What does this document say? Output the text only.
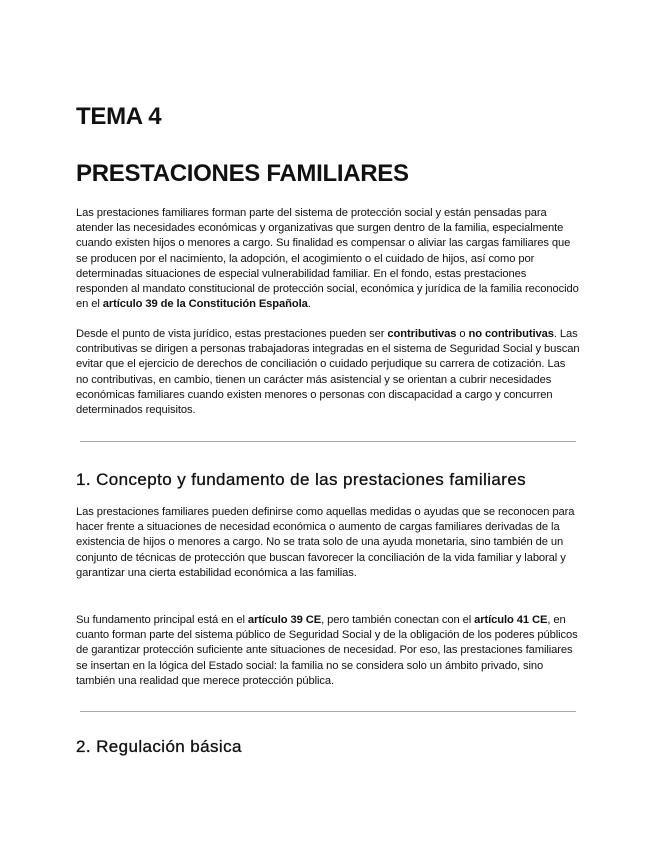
TEMA 4
PRESTACIONES FAMILIARES

Las prestaciones familiares forman parte del sistema de protección social y están pensadas para atender las necesidades económicas y organizativas que surgen dentro de la familia, especialmente cuando existen hijos o menores a cargo. Su finalidad es compensar o aliviar las cargas familiares que se producen por el nacimiento, la adopción, el acogimiento o el cuidado de hijos, así como por determinadas situaciones de especial vulnerabilidad familiar. En el fondo, estas prestaciones responden al mandato constitucional de protección social, económica y jurídica de la familia reconocido en el artículo 39 de la Constitución Española.

Desde el punto de vista jurídico, estas prestaciones pueden ser contributivas o no contributivas. Las contributivas se dirigen a personas trabajadoras integradas en el sistema de Seguridad Social y buscan evitar que el ejercicio de derechos de conciliación o cuidado perjudique su carrera de cotización. Las no contributivas, en cambio, tienen un carácter más asistencial y se orientan a cubrir necesidades económicas familiares cuando existen menores o personas con discapacidad a cargo y concurren determinados requisitos.

1. Concepto y fundamento de las prestaciones familiares

Las prestaciones familiares pueden definirse como aquellas medidas o ayudas que se reconocen para hacer frente a situaciones de necesidad económica o aumento de cargas familiares derivadas de la existencia de hijos o menores a cargo. No se trata solo de una ayuda monetaria, sino también de un conjunto de técnicas de protección que buscan favorecer la conciliación de la vida familiar y laboral y garantizar una cierta estabilidad económica a las familias.

Su fundamento principal está en el artículo 39 CE, pero también conectan con el artículo 41 CE, en cuanto forman parte del sistema público de Seguridad Social y de la obligación de los poderes públicos de garantizar protección suficiente ante situaciones de necesidad. Por eso, las prestaciones familiares se insertan en la lógica del Estado social: la familia no se considera solo un ámbito privado, sino también una realidad que merece protección pública.

2. Regulación básica
